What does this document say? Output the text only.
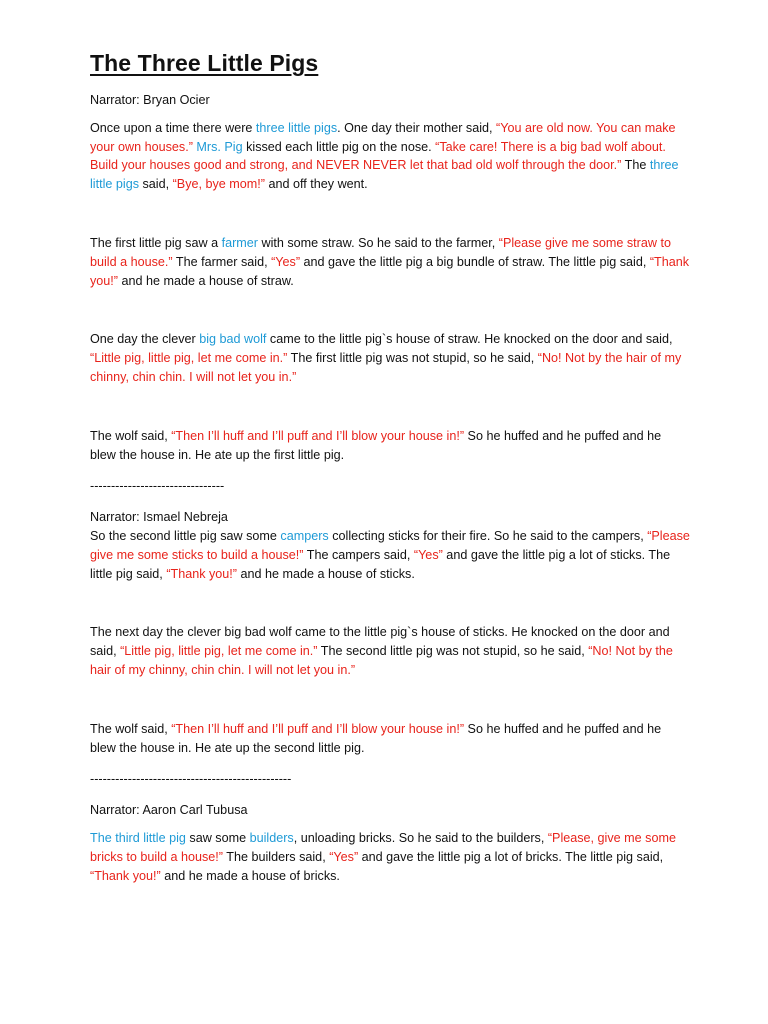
The Three Little Pigs

Narrator: Bryan Ocier

Once upon a time there were three little pigs. One day their mother said, “You are old now. You can make your own houses.” Mrs. Pig kissed each little pig on the nose. “Take care! There is a big bad wolf about. Build your houses good and strong, and NEVER NEVER let that bad old wolf through the door.” The three little pigs said, “Bye, bye mom!” and off they went.

The first little pig saw a farmer with some straw. So he said to the farmer, “Please give me some straw to build a house.” The farmer said, “Yes” and gave the little pig a big bundle of straw. The little pig said, “Thank you!” and he made a house of straw.

One day the clever big bad wolf came to the little pig`s house of straw. He knocked on the door and said, “Little pig, little pig, let me come in.” The first little pig was not stupid, so he said, “No! Not by the hair of my chinny, chin chin. I will not let you in.”

The wolf said, “Then I’ll huff and I’ll puff and I’ll blow your house in!” So he huffed and he puffed and he blew the house in. He ate up the first little pig.

--------------------------------

Narrator: Ismael Nebreja

So the second little pig saw some campers collecting sticks for their fire. So he said to the campers, “Please give me some sticks to build a house!” The campers said, “Yes” and gave the little pig a lot of sticks. The little pig said, “Thank you!” and he made a house of sticks.

The next day the clever big bad wolf came to the little pig`s house of sticks. He knocked on the door and said, “Little pig, little pig, let me come in.” The second little pig was not stupid, so he said, “No! Not by the hair of my chinny, chin chin. I will not let you in.”

The wolf said, “Then I’ll huff and I’ll puff and I’ll blow your house in!” So he huffed and he puffed and he blew the house in. He ate up the second little pig.

------------------------------------------------

Narrator: Aaron Carl Tubusa

The third little pig saw some builders, unloading bricks. So he said to the builders, “Please, give me some bricks to build a house!” The builders said, “Yes” and gave the little pig a lot of bricks. The little pig said, “Thank you!” and he made a house of bricks.
